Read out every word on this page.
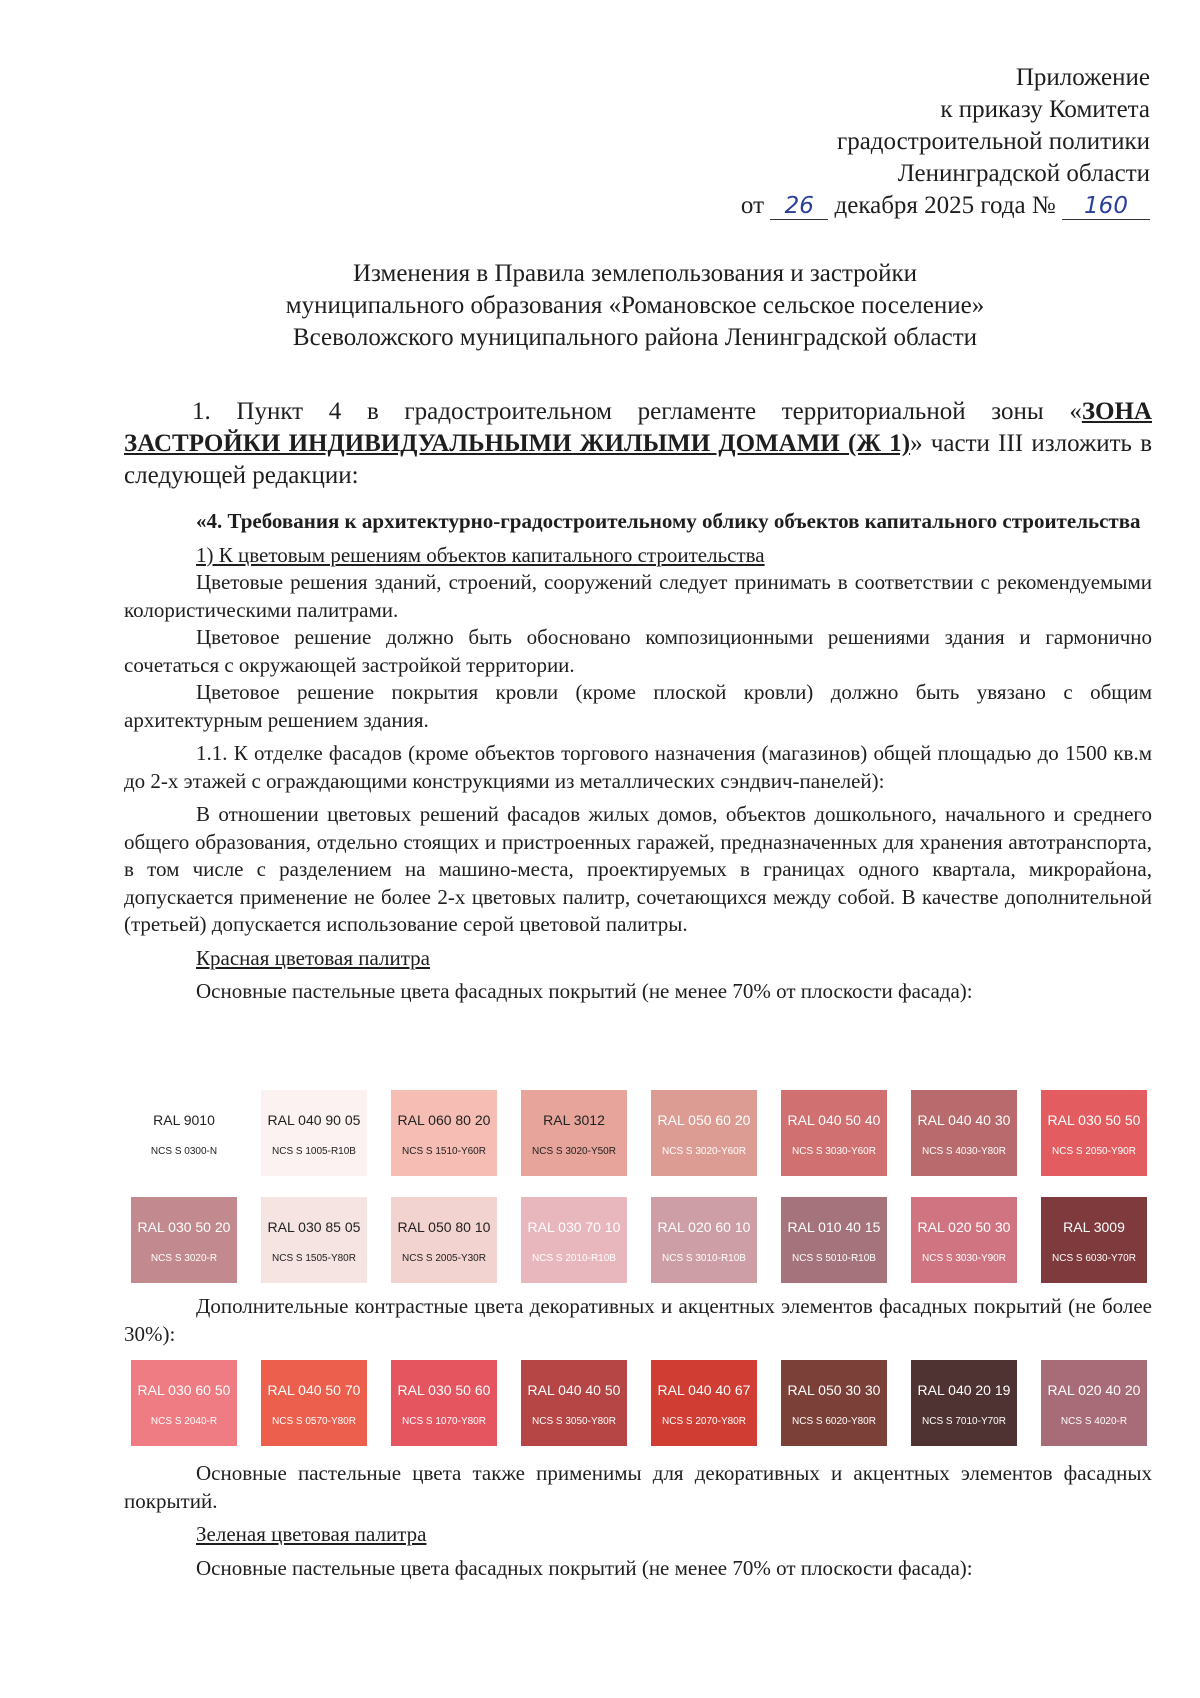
Приложение
к приказу Комитета
градостроительной политики
Ленинградской области
от 26 декабря 2025 года № 160
Изменения в Правила землепользования и застройки
муниципального образования «Романовское сельское поселение»
Всеволожского муниципального района Ленинградской области
1. Пункт 4 в градостроительном регламенте территориальной зоны «ЗОНА ЗАСТРОЙКИ ИНДИВИДУАЛЬНЫМИ ЖИЛЫМИ ДОМАМИ (Ж 1)» части III изложить в следующей редакции:

«4. Требования к архитектурно-градостроительному облику объектов капитального строительства

1) К цветовым решениям объектов капитального строительства

Цветовые решения зданий, строений, сооружений следует принимать в соответствии с рекомендуемыми колористическими палитрами.

Цветовое решение должно быть обосновано композиционными решениями здания и гармонично сочетаться с окружающей застройкой территории.

Цветовое решение покрытия кровли (кроме плоской кровли) должно быть увязано с общим архитектурным решением здания.

1.1. К отделке фасадов (кроме объектов торгового назначения (магазинов) общей площадью до 1500 кв.м до 2-х этажей с ограждающими конструкциями из металлических сэндвич-панелей):

В отношении цветовых решений фасадов жилых домов, объектов дошкольного, начального и среднего общего образования, отдельно стоящих и пристроенных гаражей, предназначенных для хранения автотранспорта, в том числе с разделением на машино-места, проектируемых в границах одного квартала, микрорайона, допускается применение не более 2-х цветовых палитр, сочетающихся между собой. В качестве дополнительной (третьей) допускается использование серой цветовой палитры.

Красная цветовая палитра

Основные пастельные цвета фасадных покрытий (не менее 70% от плоскости фасада):

RAL 9010
NCS S 0300-N
RAL 040 90 05
NCS S 1005-R10B
RAL 060 80 20
NCS S 1510-Y60R
RAL 3012
NCS S 3020-Y50R
RAL 050 60 20
NCS S 3020-Y60R
RAL 040 50 40
NCS S 3030-Y60R
RAL 040 40 30
NCS S 4030-Y80R
RAL 030 50 50
NCS S 2050-Y90R
RAL 030 50 20
NCS S 3020-R
RAL 030 85 05
NCS S 1505-Y80R
RAL 050 80 10
NCS S 2005-Y30R
RAL 030 70 10
NCS S 2010-R10B
RAL 020 60 10
NCS S 3010-R10B
RAL 010 40 15
NCS S 5010-R10B
RAL 020 50 30
NCS S 3030-Y90R
RAL 3009
NCS S 6030-Y70R

Дополнительные контрастные цвета декоративных и акцентных элементов фасадных покрытий (не более 30%):

RAL 030 60 50
NCS S 2040-R
RAL 040 50 70
NCS S 0570-Y80R
RAL 030 50 60
NCS S 1070-Y80R
RAL 040 40 50
NCS S 3050-Y80R
RAL 040 40 67
NCS S 2070-Y80R
RAL 050 30 30
NCS S 6020-Y80R
RAL 040 20 19
NCS S 7010-Y70R
RAL 020 40 20
NCS S 4020-R

Основные пастельные цвета также применимы для декоративных и акцентных элементов фасадных покрытий.

Зеленая цветовая палитра

Основные пастельные цвета фасадных покрытий (не менее 70% от плоскости фасада):
